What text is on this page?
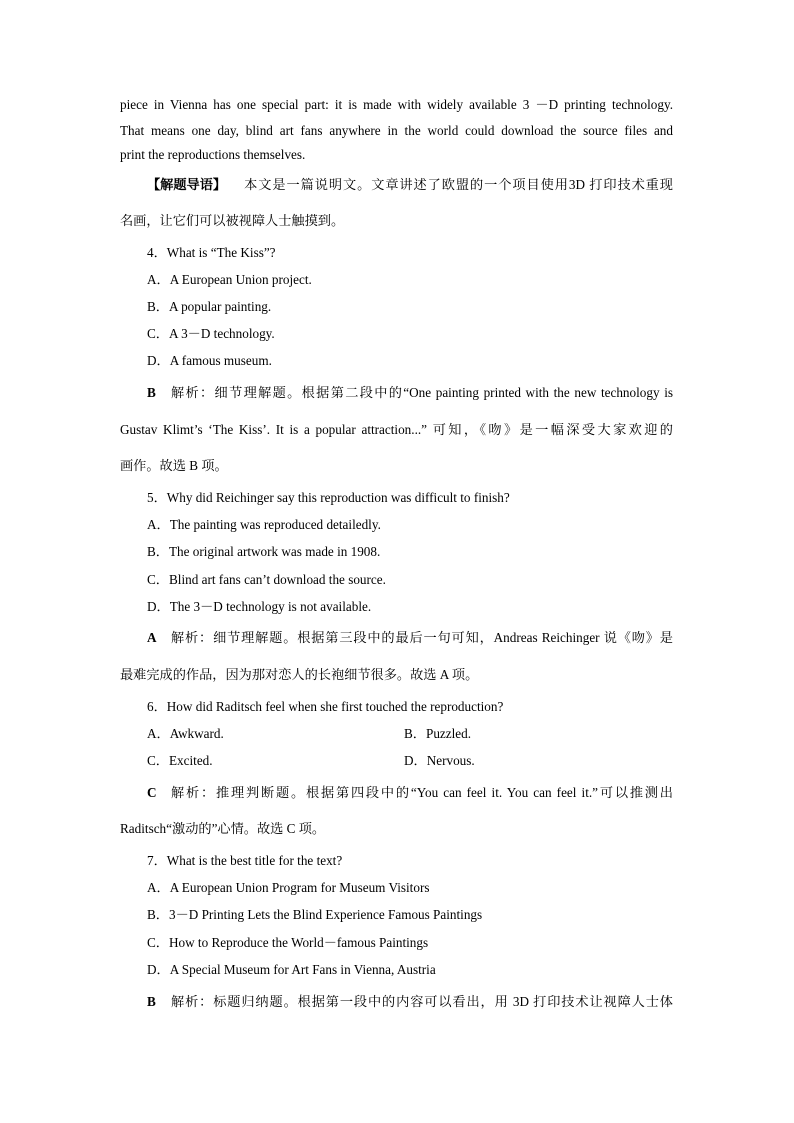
piece in Vienna has one special part: it is made with widely available 3 －D printing technology.
That means one day, blind art fans anywhere in the world could download the source files and
print the reproductions themselves.
【解题导语】 本文是一篇说明文。文章讲述了欧盟的一个项目使用3D 打印技术重现
名画，让它们可以被视障人士触摸到。
4．What is “The Kiss”?
A．A European Union project.
B．A popular painting.
C．A 3－D technology.
D．A famous museum.
B	解析：细节理解题。根据第二段中的“One painting printed with the new technology is
Gustav Klimt’s ‘The Kiss’. It is a popular attraction...” 可知，《吻》是一幅深受大家欢迎的
画作。故选 B 项。
5．Why did Reichinger say this reproduction was difficult to finish?
A．The painting was reproduced detailedly.
B．The original artwork was made in 1908.
C．Blind art fans can’t download the source.
D．The 3－D technology is not available.
A	解析：细节理解题。根据第三段中的最后一句可知，Andreas Reichinger 说《吻》是
最难完成的作品，因为那对恋人的长袍细节很多。故选 A 项。
6．How did Raditsch feel when she first touched the reproduction?
A．Awkward.	B．Puzzled.
C．Excited.	D．Nervous.
C	解析：推理判断题。根据第四段中的“You can feel it. You can feel it.”可以推测出
Raditsch“激动的”心情。故选 C 项。
7．What is the best title for the text?
A．A European Union Program for Museum Visitors
B．3－D Printing Lets the Blind Experience Famous Paintings
C．How to Reproduce the World－famous Paintings
D．A Special Museum for Art Fans in Vienna, Austria
B	解析：标题归纳题。根据第一段中的内容可以看出，用 3D 打印技术让视障人士体
